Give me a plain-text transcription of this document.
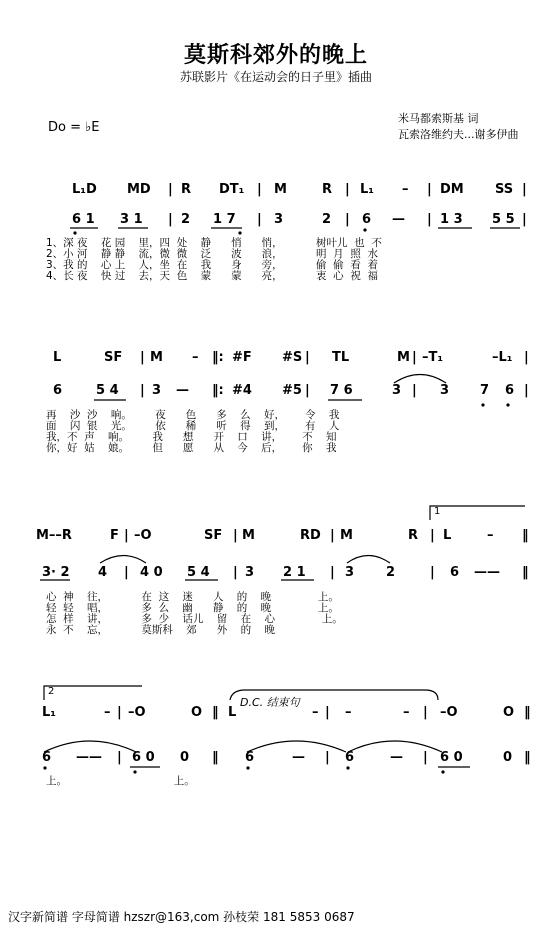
莫斯科郊外的晚上
苏联影片《在运动会的日子里》插曲
Do = ♭E
米马都索斯基 词
瓦索洛维约夫...谢多伊曲
L₁D MD | R DT₁ | M	R | L₁ – | DM SS |
6 1 3 1 | 2 1 7 | 3	2 | 6 — | 1 3 5 5 |
1、深 夜    花 园    里，四  处    静      悄      悄，          树叶儿  也  不
2、小 河    静 静    流，微  微    泛      波      浪，          明  月  照  水
3、我 的    心 上    人，坐  在    我      身      旁，          偷  偷  看  着
4、长 夜    快 过    去，天  色    蒙      蒙      亮，          衷  心  祝  福
L	SF | M – ‖: #F #S | TL	M | –T₁	–L₁ |
6	5 4 | 3 — ‖: #4 #5 | 7 6	3 | 3 7 6 |
再    沙  沙    响。       夜      色      多    么    好，      令    我
面    闪  银    光。       依      稀      听    得    到，      有    人
我，不  声    响。       我      想      开    口    讲，      不    知
你，好  姑    娘。       但      愿      从    今    后，      你    我
M––R	F | –O	SF | M	RD | M	R | L	– ‖
3· 2 4 | 4 0 5 4 | 3 2 1 | 3 2	| 6 —— ‖
心  神    往，          在  这    迷      人    的    晚              上。
轻  轻    唱，          多  么    幽      静    的    晚              上。
怎  样    讲，          多  少    话儿    留    在    心              上。
永  不    忘，          莫斯科    郊      外    的    晚
L₁	– | –O	O ‖ L	– | –	– | –O	O ‖
6 —— | 6 0 0 ‖ 6	— | 6	— | 6 0	0 ‖
上。                                上。
1
2
D.C. 结束句
汉字新简谱 字母简谱 hzszr@163,com 孙枝荣 181 5853 0687
